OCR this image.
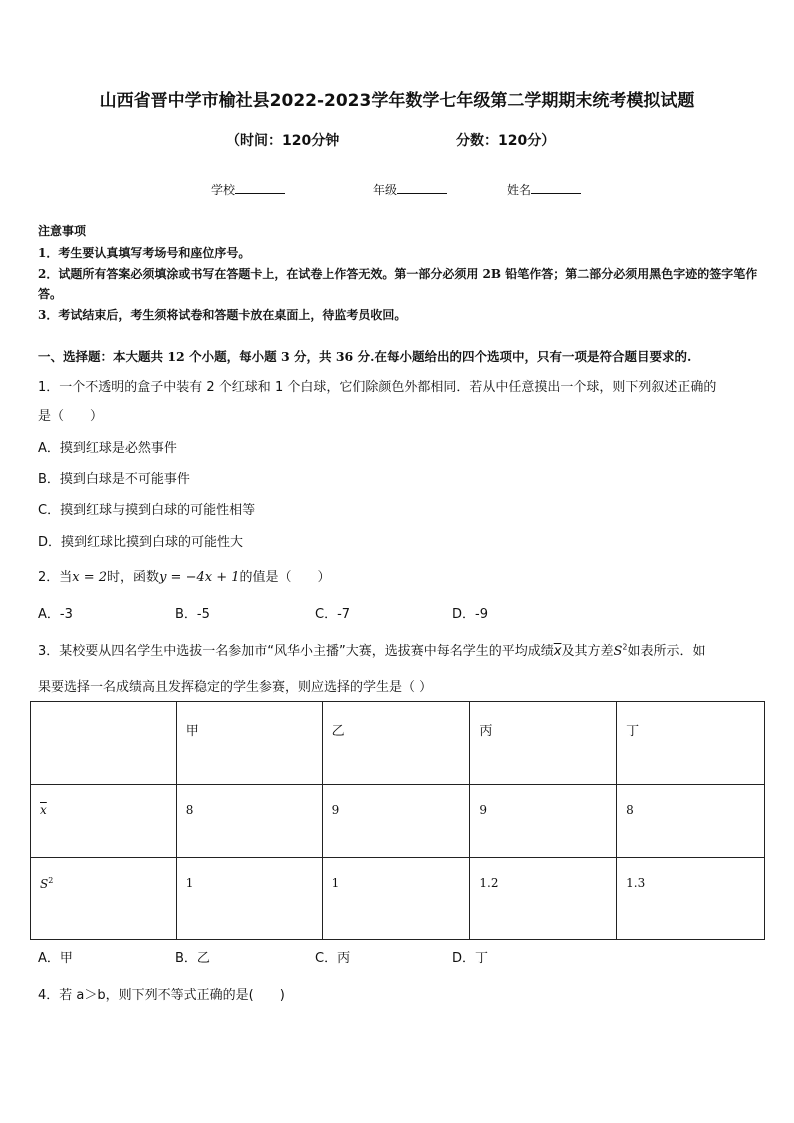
山西省晋中学市榆社县2022-2023学年数学七年级第二学期期末统考模拟试题
（时间：120分钟	分数：120分）
学校	年级	姓名
注意事项
1．考生要认真填写考场号和座位序号。
2．试题所有答案必须填涂或书写在答题卡上，在试卷上作答无效。第一部分必须用 2B 铅笔作答；第二部分必须用黑色字迹的签字笔作答。
3．考试结束后，考生须将试卷和答题卡放在桌面上，待监考员收回。
一、选择题：本大题共 12 个小题，每小题 3 分，共 36 分.在每小题给出的四个选项中，只有一项是符合题目要求的.
1．一个不透明的盒子中装有 2 个红球和 1 个白球，它们除颜色外都相同．若从中任意摸出一个球，则下列叙述正确的
是（　　）
A．摸到红球是必然事件
B．摸到白球是不可能事件
C．摸到红球与摸到白球的可能性相等
D．摸到红球比摸到白球的可能性大
2．当x = 2时，函数y = −4x + 1的值是（　　）
A．-3	B．-5	C．-7	D．-9
3．某校要从四名学生中选拔一名参加市“风华小主播”大赛，选拔赛中每名学生的平均成绩$\overline{x}$及其方差$S^2$如表所示．如
果要选择一名成绩高且发挥稳定的学生参赛，则应选择的学生是（ ）
	甲	乙	丙	丁
$\overline{x}$	8	9	9	8
$S^2$	1	1	1.2	1.3
A．甲	B．乙	C．丙	D．丁
4．若 a＞b，则下列不等式正确的是(　　)
